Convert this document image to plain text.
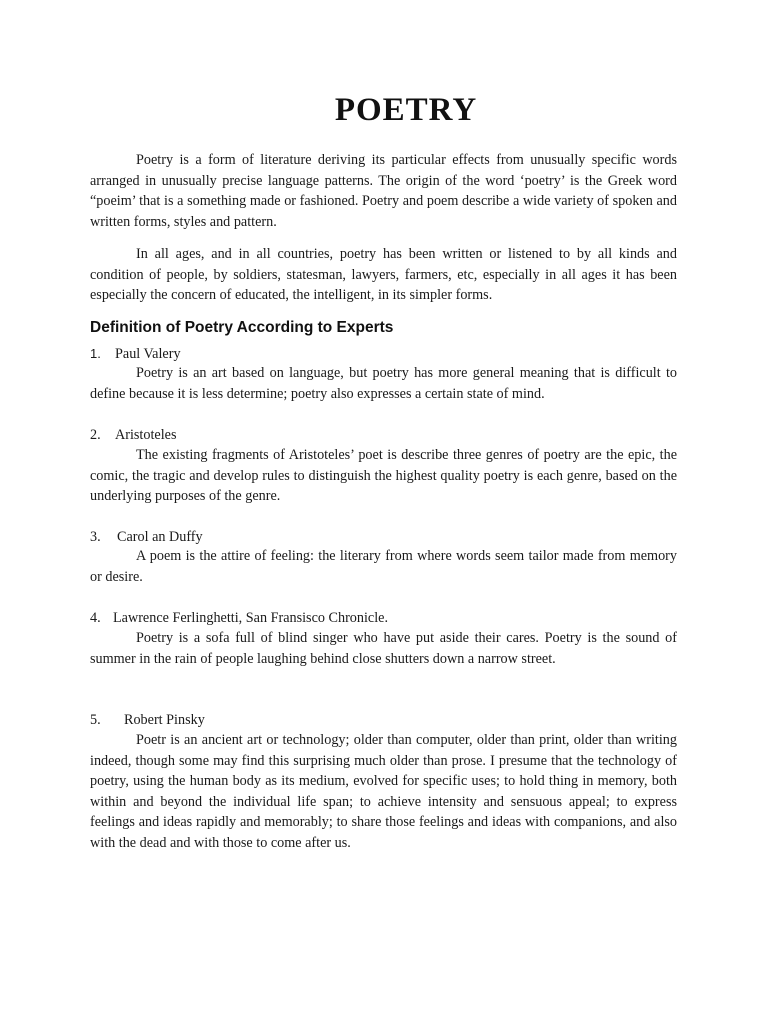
POETRY

Poetry is a form of literature deriving its particular effects from unusually specific words arranged in unusually precise language patterns. The origin of the word ‘poetry’ is the Greek word “poeim’ that is a something made or fashioned. Poetry and poem describe a wide variety of spoken and written forms, styles and pattern.

In all ages, and in all countries, poetry has been written or listened to by all kinds and condition of people, by soldiers, statesman, lawyers, farmers, etc, especially in all ages it has been especially the concern of educated, the intelligent, in its simpler forms.

Definition of Poetry According to Experts
1. Paul Valery

Poetry is an art based on language, but poetry has more general meaning that is difficult to define because it is less determine; poetry also expresses a certain state of mind.

2. Aristoteles

The existing fragments of Aristoteles’ poet is describe three genres of poetry are the epic, the comic, the tragic and develop rules to distinguish the highest quality poetry is each genre, based on the underlying purposes of the genre.

3. Carol an Duffy

A poem is the attire of feeling: the literary from where words seem tailor made from memory or desire.

4. Lawrence Ferlinghetti, San Fransisco Chronicle.

Poetry is a sofa full of blind singer who have put aside their cares. Poetry is the sound of summer in the rain of people laughing behind close shutters down a narrow street.

5. Robert Pinsky

Poetr is an ancient art or technology; older than computer, older than print, older than writing indeed, though some may find this surprising much older than prose. I presume that the technology of poetry, using the human body as its medium, evolved for specific uses; to hold thing in memory, both within and beyond the individual life span; to achieve intensity and sensuous appeal; to express feelings and ideas rapidly and memorably; to share those feelings and ideas with companions, and also with the dead and with those to come after us.
